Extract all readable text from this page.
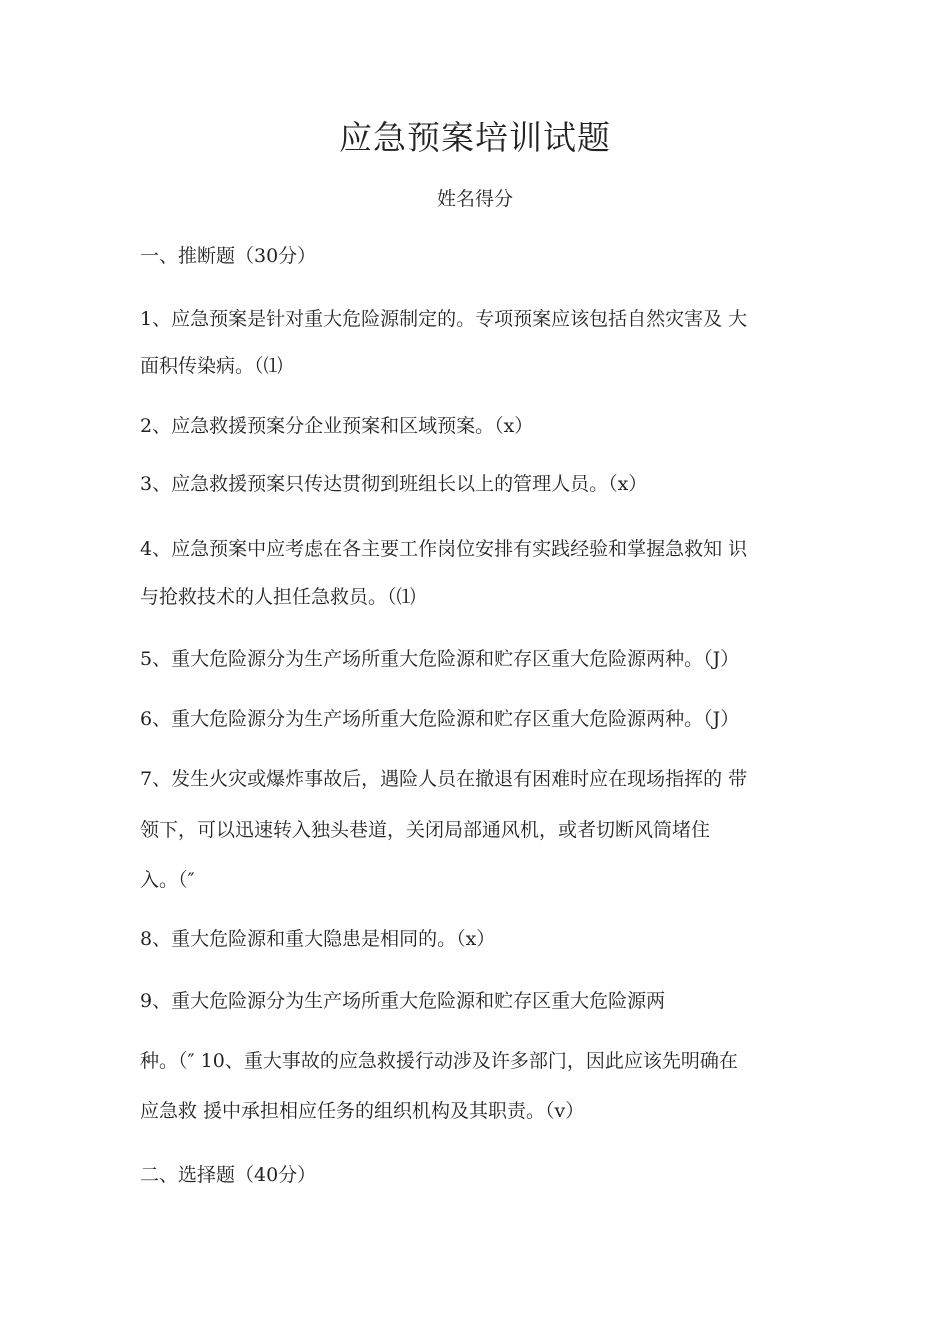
应急预案培训试题

姓名得分

一、推断题（30分）

1、应急预案是针对重大危险源制定的。专项预案应该包括自然灾害及 大

面积传染病。（⑴

2、应急救援预案分企业预案和区域预案。（x）

3、应急救援预案只传达贯彻到班组长以上的管理人员。（x）

4、应急预案中应考虑在各主要工作岗位安排有实践经验和掌握急救知 识

与抢救技术的人担任急救员。（⑴

5、重大危险源分为生产场所重大危险源和贮存区重大危险源两种。（J）

6、重大危险源分为生产场所重大危险源和贮存区重大危险源两种。（J）

7、发生火灾或爆炸事故后，遇险人员在撤退有困难时应在现场指挥的 带

领下，可以迅速转入独头巷道，关闭局部通风机，或者切断风筒堵住

入。（″

8、重大危险源和重大隐患是相同的。（x）

9、重大危险源分为生产场所重大危险源和贮存区重大危险源两

种。（″ 10、重大事故的应急救援行动涉及许多部门，因此应该先明确在

应急救 援中承担相应任务的组织机构及其职责。（v）

二、选择题（40分）
